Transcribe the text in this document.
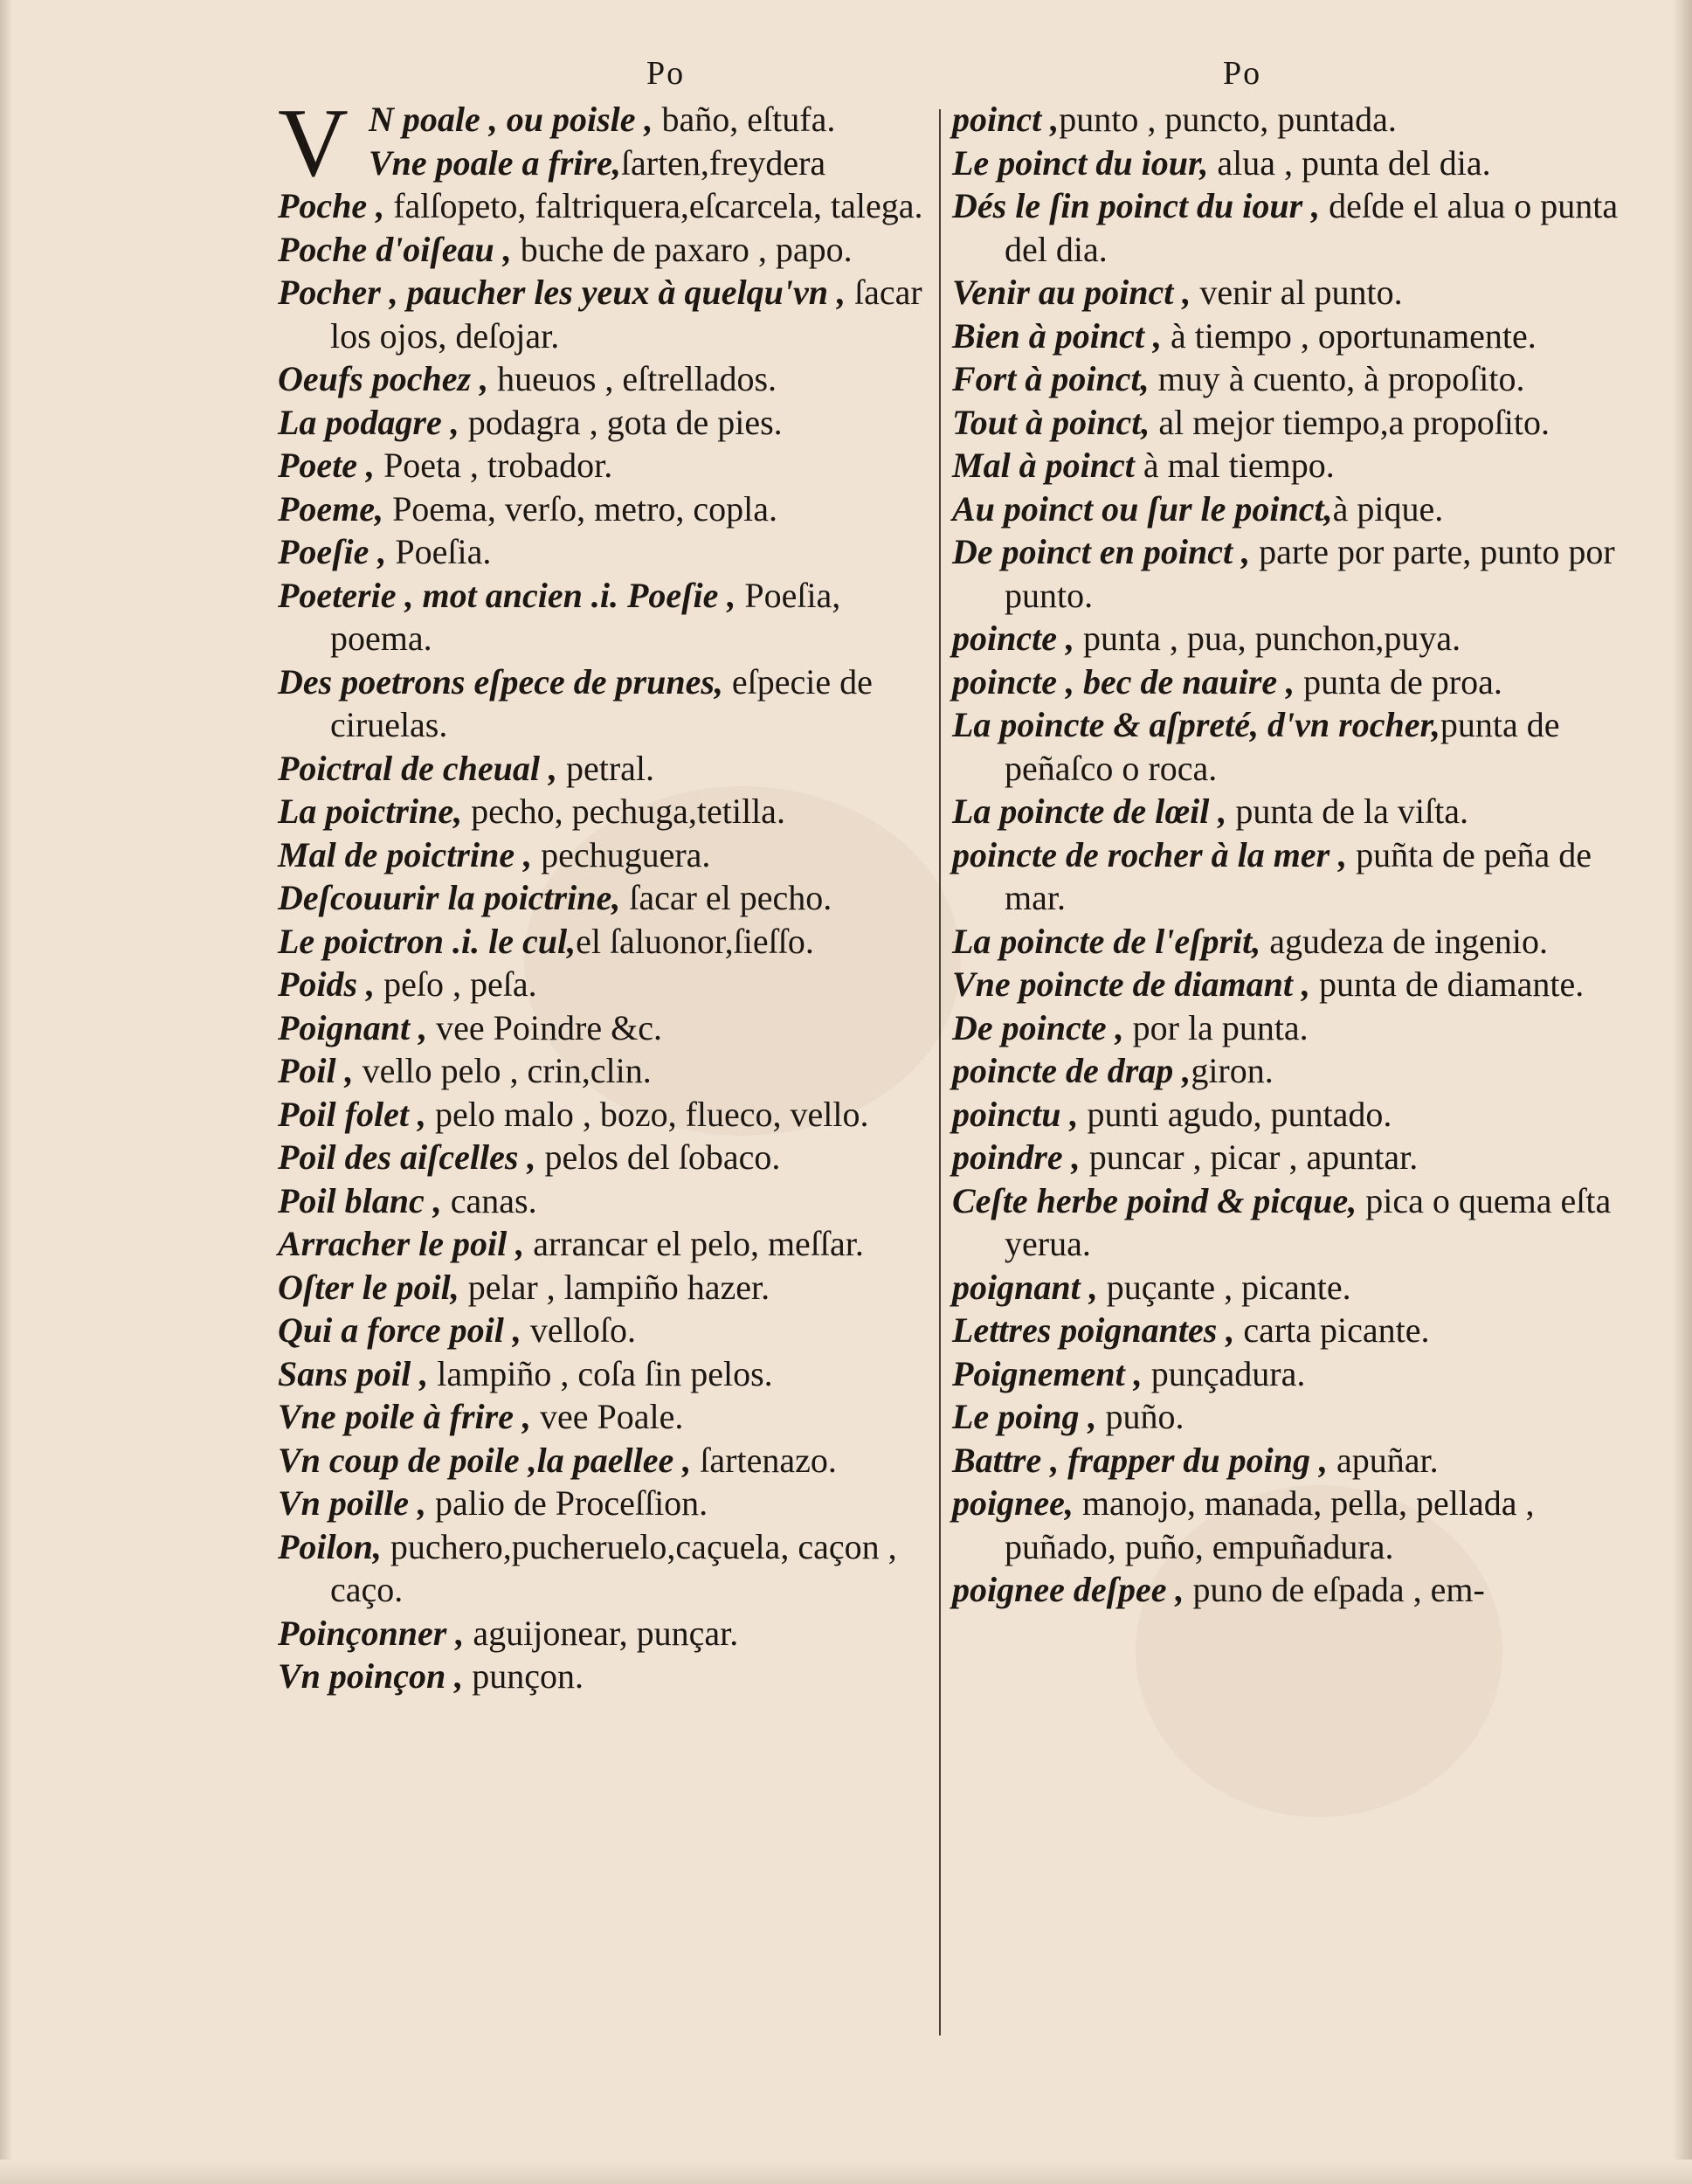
Po	Po
V N poale , ou poisle , baño, eſtufa.
Vne poale a frire,ſarten,freydera
Poche , falſopeto, faltriquera,eſcarcela, talega.
Poche d'oiſeau , buche de paxaro , papo.
Pocher , paucher les yeux à quelqu'vn , ſacar los ojos, deſojar.
Oeufs pochez , hueuos , eſtrellados.
La podagre , podagra , gota de pies.
Poete , Poeta , trobador.
Poeme, Poema, verſo, metro, copla.
Poeſie , Poeſia.
Poeterie , mot ancien .i. Poeſie , Poeſia, poema.
Des poetrons eſpece de prunes, eſpecie de ciruelas.
Poictral de cheual , petral.
La poictrine, pecho, pechuga,tetilla.
Mal de poictrine , pechuguera.
Deſcouurir la poictrine, ſacar el pecho.
Le poictron .i. le cul,el ſaluonor,ſieſſo.
Poids , peſo , peſa.
Poignant , vee Poindre &c.
Poil , vello pelo , crin,clin.
Poil folet , pelo malo , bozo, flueco, vello.
Poil des aiſcelles , pelos del ſobaco.
Poil blanc , canas.
Arracher le poil , arrancar el pelo, meſſar.
Oſter le poil, pelar , lampiño hazer.
Qui a force poil , velloſo.
Sans poil , lampiño , coſa ſin pelos.
Vne poile à frire , vee Poale.
Vn coup de poile ,la paellee , ſartenazo.
Vn poille , palio de Proceſſion.
Poilon, puchero,pucheruelo,caçuela, caçon , caço.
Poinçonner , aguijonear, punçar.
Vn poinçon , punçon.
poinct ,punto , puncto, puntada.
Le poinct du iour, alua , punta del dia.
Dés le ſin poinct du iour , deſde el alua o punta del dia.
Venir au poinct , venir al punto.
Bien à poinct , à tiempo , oportunamente.
Fort à poinct, muy à cuento, à propoſito.
Tout à poinct, al mejor tiempo,a propoſito.
Mal à poinct à mal tiempo.
Au poinct ou ſur le poinct,à pique.
De poinct en poinct , parte por parte, punto por punto.
poincte , punta , pua, punchon,puya.
poincte , bec de nauire , punta de proa.
La poincte & aſpreté, d'vn rocher,punta de peñaſco o roca.
La poincte de lœil , punta de la viſta.
poincte de rocher à la mer , puñta de peña de mar.
La poincte de l'eſprit, agudeza de ingenio.
Vne poincte de diamant , punta de diamante.
De poincte , por la punta.
poincte de drap ,giron.
poinctu , punti agudo, puntado.
poindre , puncar , picar , apuntar.
Ceſte herbe poind & picque, pica o quema eſta yerua.
poignant , puçante , picante.
Lettres poignantes , carta picante.
Poignement , punçadura.
Le poing , puño.
Battre , frapper du poing , apuñar.
poignee, manojo, manada, pella, pellada , puñado, puño, empuñadura.
poignee deſpee , puno de eſpada , em-
